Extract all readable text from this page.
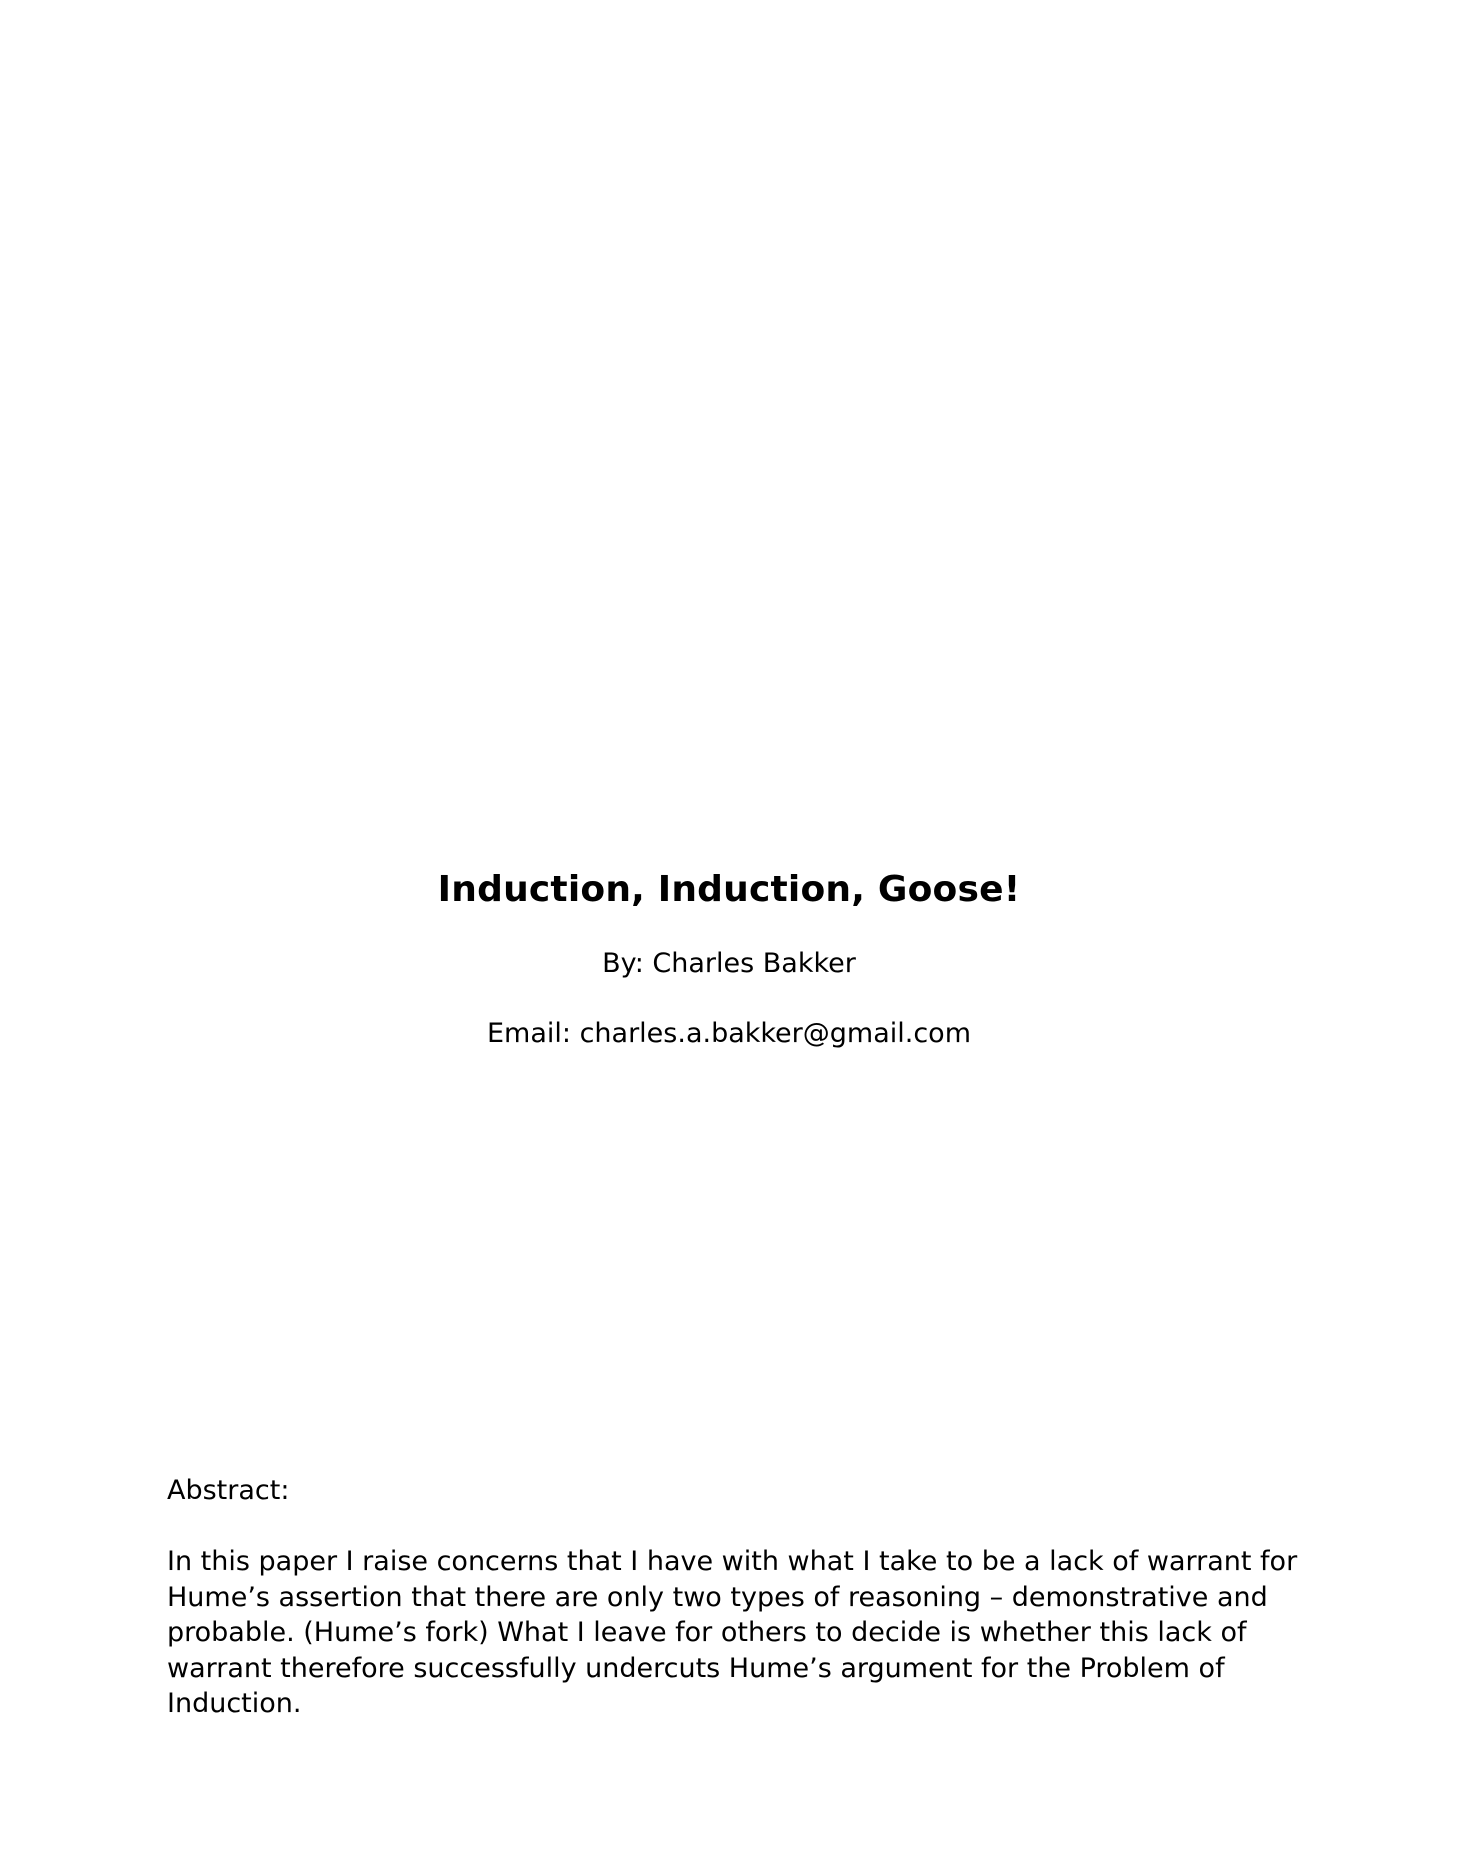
Induction, Induction, Goose!
By: Charles Bakker
Email: charles.a.bakker@gmail.com
Abstract:

In this paper I raise concerns that I have with what I take to be a lack of warrant for Hume’s assertion that there are only two types of reasoning – demonstrative and probable. (Hume’s fork) What I leave for others to decide is whether this lack of warrant therefore successfully undercuts Hume’s argument for the Problem of Induction.
